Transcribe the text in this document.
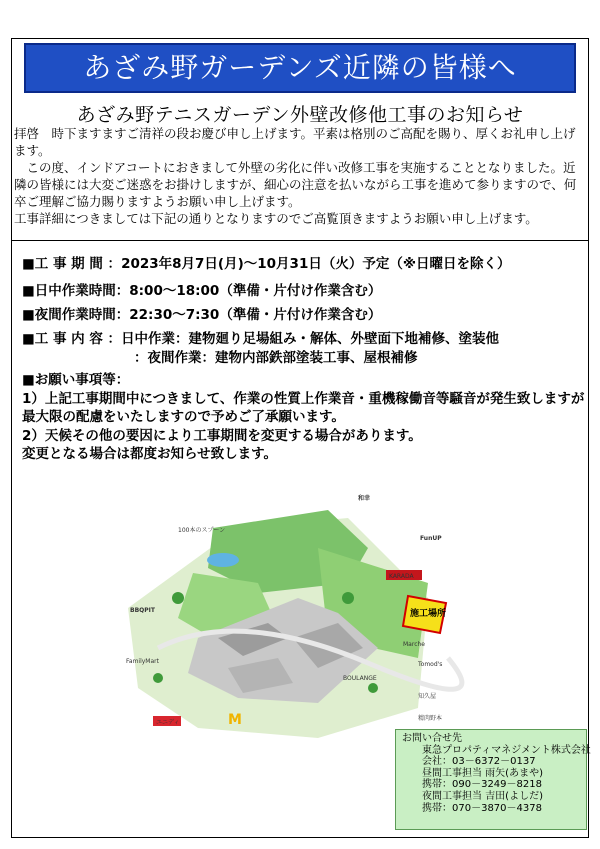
あざみ野ガーデンズ近隣の皆様へ
あざみ野テニスガーデン外壁改修他工事のお知らせ

拝啓　時下ますますご清祥の段お慶び申し上げます。平素は格別のご高配を賜り、厚くお礼申し上げます。

この度、インドアコートにおきまして外壁の劣化に伴い改修工事を実施することとなりました。近隣の皆様には大変ご迷惑をお掛けしますが、細心の注意を払いながら工事を進めて参りますので、何卒ご理解ご協力賜りますようお願い申し上げます。

工事詳細につきましては下記の通りとなりますのでご高覧頂きますようお願い申し上げます。

■工 事 期 間 ：2023年8月7日(月)～10月31日（火）予定（※日曜日を除く）
■日中作業時間：8:00～18:00（準備・片付け作業含む）
■夜間作業時間：22:30～7:30（準備・片付け作業含む）
■工 事 内 容 ：日中作業：建物廻り足場組み・解体、外壁面下地補修、塗装他
：夜間作業：建物内部鉄部塗装工事、屋根補修

■お願い事項等：

1）上記工事期間中につきまして、作業の性質上作業音・重機稼働音等騒音が発生致しますが最大限の配慮をいたしますので予めご了承願います。

2）天候その他の要因により工事期間を変更する場合があります。

変更となる場合は都度お知らせ致します。

施工場所
BBQPIT
FamilyMart
ユニディ	M
100本のスプーン
和幸
FunUP
KARADA
Marche
BOULANGE
Tomod's
知久屋
精肉野本

お問い合せ先

東急プロパティマネジメント株式会社

会社：03－6372－0137

昼間工事担当 雨矢(あまや)

携帯：090－3249－8218

夜間工事担当 吉田(よしだ)

携帯：070－3870－4378
